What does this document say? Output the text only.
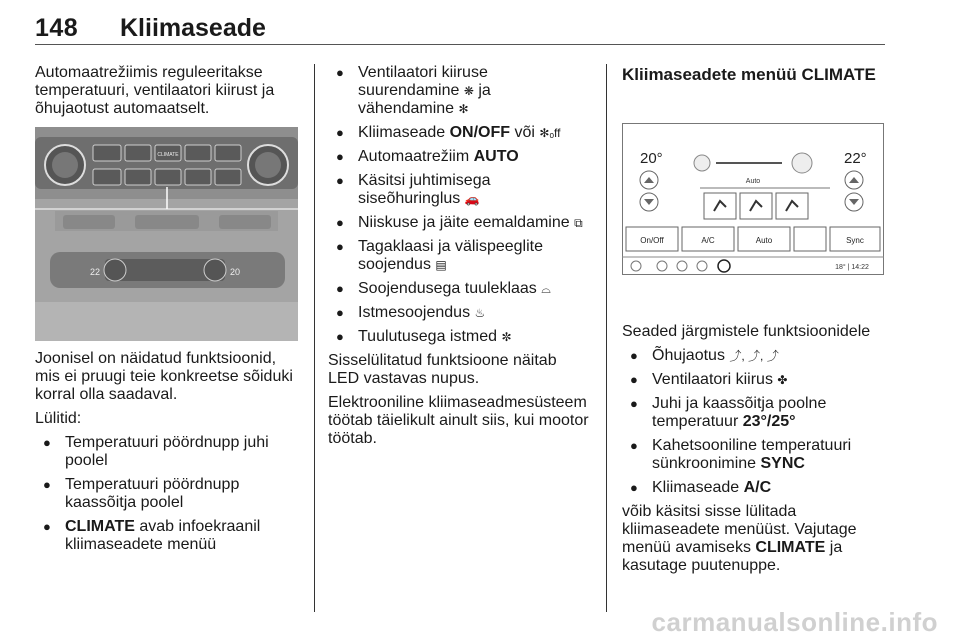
148 Kliimaseade

Automaatrežiimis reguleeritakse temperatuuri, ventilaatori kiirust ja õhujaotust automaatselt.

CLIMATE
22	20

Joonisel on näidatud funktsioonid, mis ei pruugi teie konkreetse sõiduki korral olla saadaval.

Lülitid:

● Temperatuuri pöördnupp juhi poolel

● Temperatuuri pöördnupp kaassõitja poolel

● CLIMATE avab infoekraanil kliimaseadete menüü

● Ventilaatori kiiruse suurendamine ❋ ja vähendamine ✻

● Kliimaseade ON/OFF või ✻ₒff

● Automaatrežiim AUTO

● Käsitsi juhtimisega siseõhuringlus 🚗

● Niiskuse ja jäite eemaldamine ⧉

● Tagaklaasi ja välispeeglite soojendus ▤

● Soojendusega tuuleklaas ⌓

● Istmesoojendus ♨

● Tuulutusega istmed ✼

Sisselülitatud funktsioone näitab LED vastavas nupus.

Elektrooniline kliimaseadmesüsteem töötab täielikult ainult siis, kui mootor töötab.

Kliimaseadete menüü CLIMATE

20°	22°
Auto
On/Off	A/C	Auto	Sync
18° | 14:22

Seaded järgmistele funktsioonidele

● Õhujaotus ⤴, ⤴, ⤴

● Ventilaatori kiirus ✤

● Juhi ja kaassõitja poolne temperatuur 23°/25°

● Kahetsooniline temperatuuri sünkroonimine SYNC

● Kliimaseade A/C

võib käsitsi sisse lülitada kliimaseadete menüüst. Vajutage menüü avamiseks CLIMATE ja kasutage puutenuppe.

carmanualsonline.info
